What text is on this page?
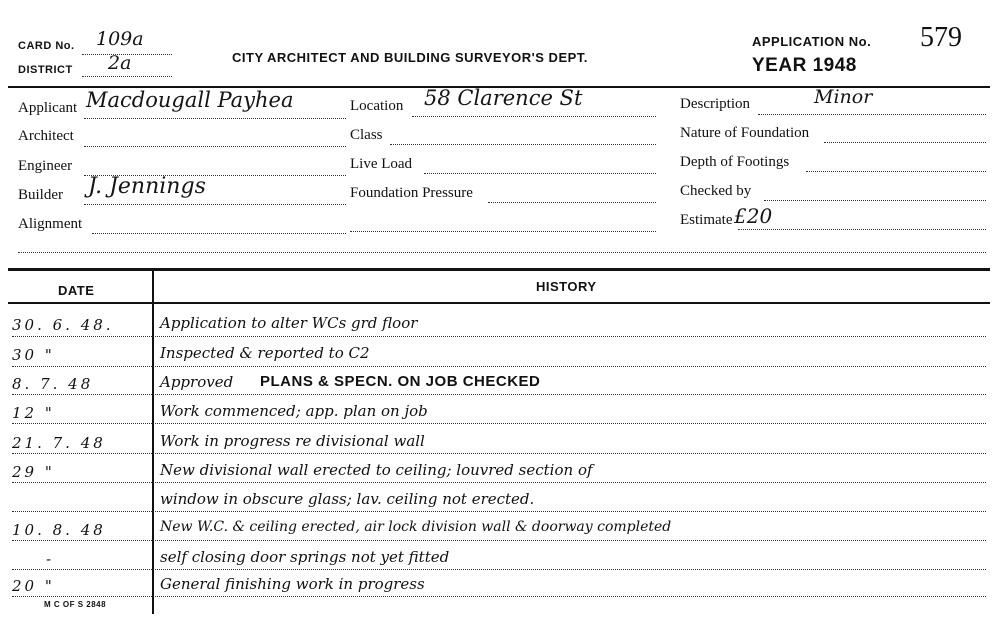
CARD No. 109a
DISTRICT 2a	CITY ARCHITECT AND BUILDING SURVEYOR'S DEPT.
APPLICATION No. 579
YEAR 1948
Applicant Macdougall Payhea
Architect
Engineer
Builder J. Jennings
Alignment
Location 58 Clarence St
Class
Live Load
Foundation Pressure
Description	Minor
Nature of Foundation
Depth of Footings
Checked by
Estimate £20
DATE	HISTORY
30. 6. 48.	Application to alter WCs grd floor
30 "	Inspected & reported to C2
8. 7. 48	Approved PLANS & SPECN. ON JOB CHECKED
12 "	Work commenced; app. plan on job
21. 7. 48	Work in progress re divisional wall
29 "	New divisional wall erected to ceiling; louvred section of
window in obscure glass; lav. ceiling not erected.
10. 8. 48	New W.C. & ceiling erected, air lock division wall & doorway completed
-	self closing door springs not yet fitted
20 "	General finishing work in progress
M C OF S 2848
